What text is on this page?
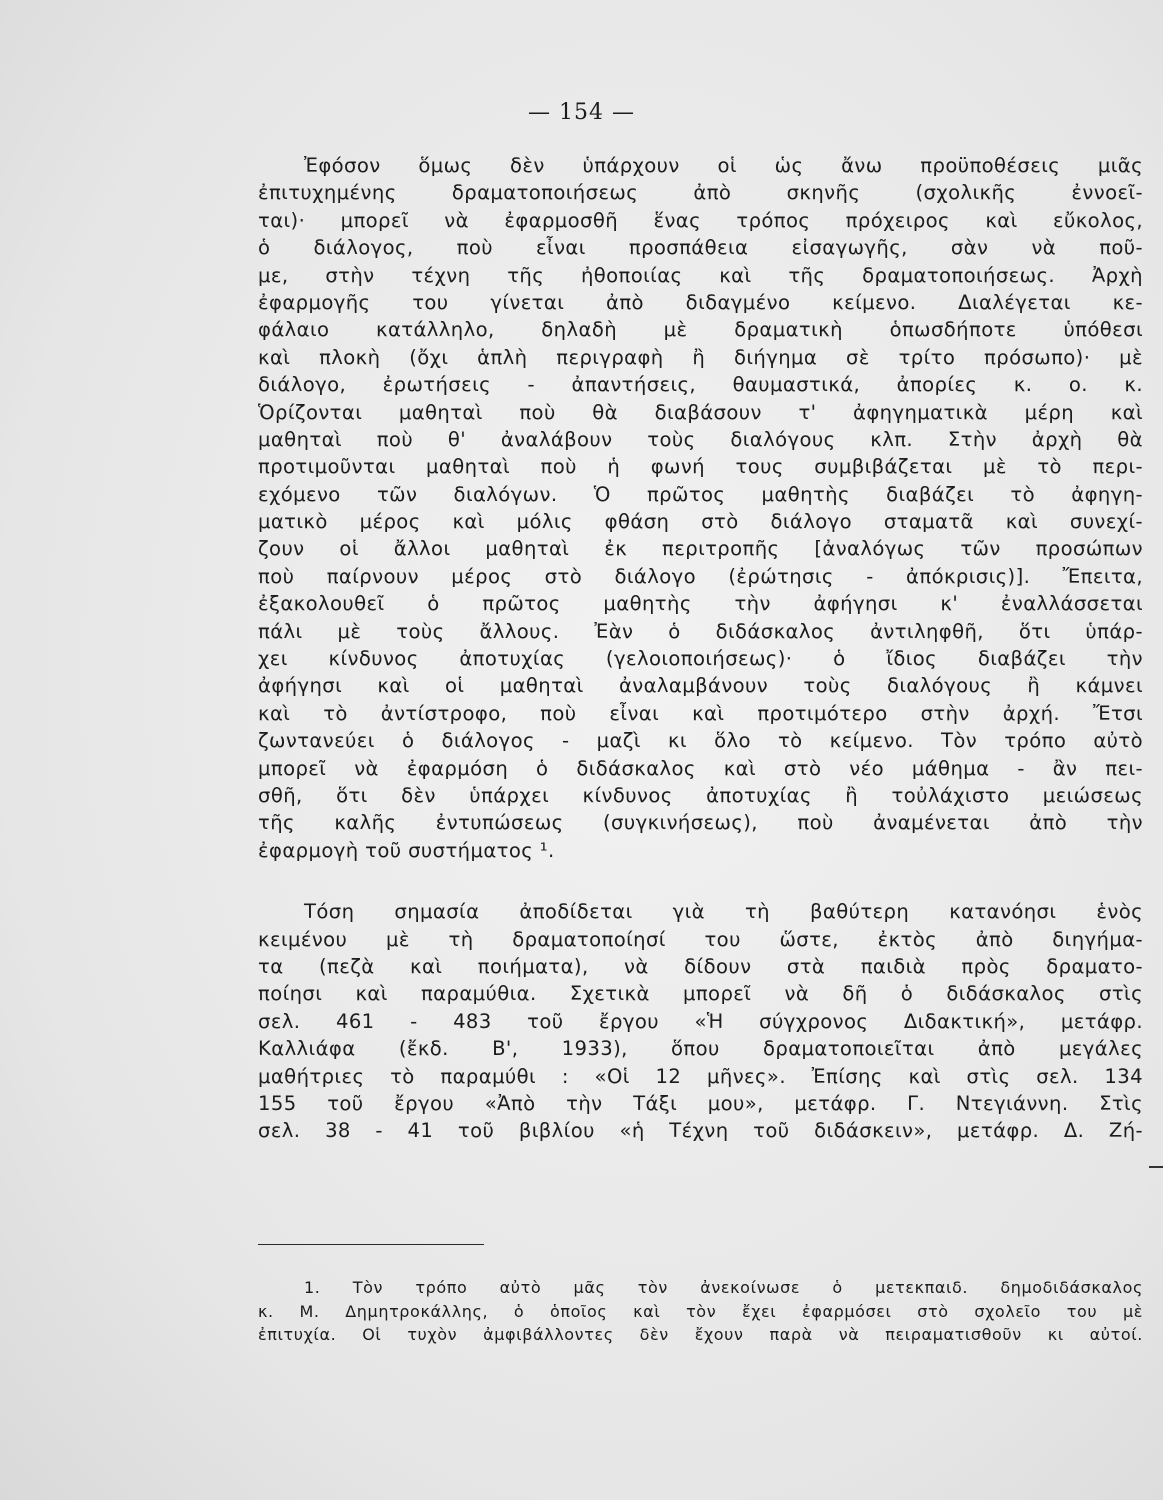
— 154 —
Ἐφόσον ὅμως δὲν ὑπάρχουν οἱ ὡς ἄνω προϋποθέσεις μιᾶς
ἐπιτυχημένης δραματοποιήσεως ἀπὸ σκηνῆς (σχολικῆς ἐννοεῖ-
ται)· μπορεῖ νὰ ἐφαρμοσθῆ ἕνας τρόπος πρόχειρος καὶ εὔκολος,
ὁ διάλογος, ποὺ εἶναι προσπάθεια εἰσαγωγῆς, σὰν νὰ ποῦ-
με, στὴν τέχνη τῆς ἠθοποιίας καὶ τῆς δραματοποιήσεως. Ἀρχὴ
ἐφαρμογῆς του γίνεται ἀπὸ διδαγμένο κείμενο. Διαλέγεται κε-
φάλαιο κατάλληλο, δηλαδὴ μὲ δραματικὴ ὁπωσδήποτε ὑπόθεσι
καὶ πλοκὴ (ὄχι ἁπλὴ περιγραφὴ ἢ διήγημα σὲ τρίτο πρόσωπο)· μὲ
διάλογο, ἐρωτήσεις - ἀπαντήσεις, θαυμαστικά, ἀπορίες κ. ο. κ.
Ὁρίζονται μαθηταὶ ποὺ θὰ διαβάσουν τ' ἀφηγηματικὰ μέρη καὶ
μαθηταὶ ποὺ θ' ἀναλάβουν τοὺς διαλόγους κλπ. Στὴν ἀρχὴ θὰ
προτιμοῦνται μαθηταὶ ποὺ ἡ φωνή τους συμβιβάζεται μὲ τὸ περι-
εχόμενο τῶν διαλόγων. Ὁ πρῶτος μαθητὴς διαβάζει τὸ ἀφηγη-
ματικὸ μέρος καὶ μόλις φθάση στὸ διάλογο σταματᾶ καὶ συνεχί-
ζουν οἱ ἄλλοι μαθηταὶ ἐκ περιτροπῆς [ἀναλόγως τῶν προσώπων
ποὺ παίρνουν μέρος στὸ διάλογο (ἐρώτησις - ἀπόκρισις)]. Ἔπειτα,
ἐξακολουθεῖ ὁ πρῶτος μαθητὴς τὴν ἀφήγησι κ' ἐναλλάσσεται
πάλι μὲ τοὺς ἄλλους. Ἐὰν ὁ διδάσκαλος ἀντιληφθῆ, ὅτι ὑπάρ-
χει κίνδυνος ἀποτυχίας (γελοιοποιήσεως)· ὁ ἴδιος διαβάζει τὴν
ἀφήγησι καὶ οἱ μαθηταὶ ἀναλαμβάνουν τοὺς διαλόγους ἢ κάμνει
καὶ τὸ ἀντίστροφο, ποὺ εἶναι καὶ προτιμότερο στὴν ἀρχή. Ἔτσι
ζωντανεύει ὁ διάλογος - μαζὶ κι ὅλο τὸ κείμενο. Τὸν τρόπο αὐτὸ
μπορεῖ νὰ ἐφαρμόση ὁ διδάσκαλος καὶ στὸ νέο μάθημα - ἂν πει-
σθῆ, ὅτι δὲν ὑπάρχει κίνδυνος ἀποτυχίας ἢ τοὐλάχιστο μειώσεως
τῆς καλῆς ἐντυπώσεως (συγκινήσεως), ποὺ ἀναμένεται ἀπὸ τὴν
ἐφαρμογὴ τοῦ συστήματος ¹.
Τόση σημασία ἀποδίδεται γιὰ τὴ βαθύτερη κατανόησι ἑνὸς
κειμένου μὲ τὴ δραματοποίησί του ὥστε, ἐκτὸς ἀπὸ διηγήμα-
τα (πεζὰ καὶ ποιήματα), νὰ δίδουν στὰ παιδιὰ πρὸς δραματο-
ποίησι καὶ παραμύθια. Σχετικὰ μπορεῖ νὰ δῆ ὁ διδάσκαλος στὶς
σελ. 461 - 483 τοῦ ἔργου «Ἡ σύγχρονος Διδακτική», μετάφρ.
Καλλιάφα (ἔκδ. Β', 1933), ὅπου δραματοποιεῖται ἀπὸ μεγάλες
μαθήτριες τὸ παραμύθι : «Οἱ 12 μῆνες». Ἐπίσης καὶ στὶς σελ. 134
155 τοῦ ἔργου «Ἀπὸ τὴν Τάξι μου», μετάφρ. Γ. Ντεγιάννη. Στὶς
σελ. 38 - 41 τοῦ βιβλίου «ἡ Τέχνη τοῦ διδάσκειν», μετάφρ. Δ. Ζή-
1. Τὸν τρόπο αὐτὸ μᾶς τὸν ἀνεκοίνωσε ὁ μετεκπαιδ. δημοδιδάσκαλος
κ. Μ. Δημητροκάλλης, ὁ ὁποῖος καὶ τὸν ἔχει ἐφαρμόσει στὸ σχολεῖο του μὲ
ἐπιτυχία. Οἱ τυχὸν ἀμφιβάλλοντες δὲν ἔχουν παρὰ νὰ πειραματισθοῦν κι αὐτοί.
